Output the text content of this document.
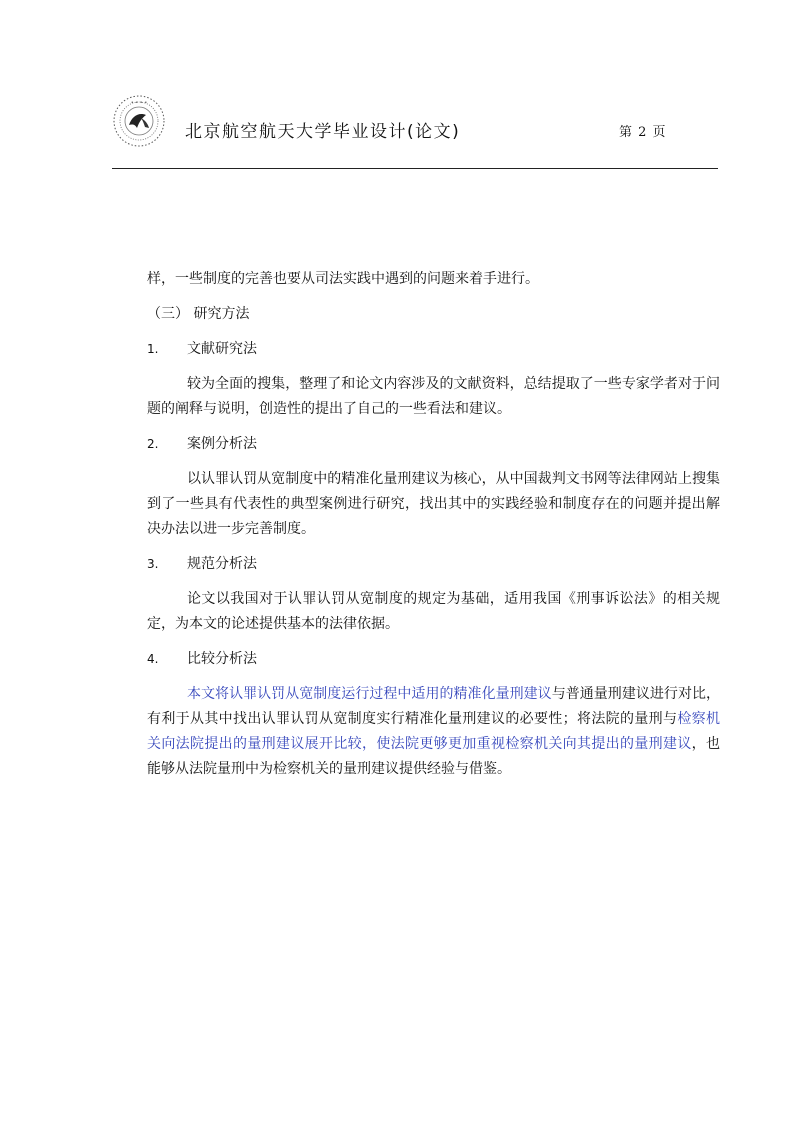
• • • •
北京航空航天大学毕业设计(论文)	第 2 页

样，一些制度的完善也要从司法实践中遇到的问题来着手进行。

（三） 研究方法

1.	文献研究法

较为全面的搜集，整理了和论文内容涉及的文献资料，总结提取了一些专家学者对于问题的阐释与说明，创造性的提出了自己的一些看法和建议。

2.	案例分析法

以认罪认罚从宽制度中的精准化量刑建议为核心，从中国裁判文书网等法律网站上搜集到了一些具有代表性的典型案例进行研究，找出其中的实践经验和制度存在的问题并提出解决办法以进一步完善制度。

3.	规范分析法

论文以我国对于认罪认罚从宽制度的规定为基础，适用我国《刑事诉讼法》的相关规定，为本文的论述提供基本的法律依据。

4.	比较分析法

本文将认罪认罚从宽制度运行过程中适用的精准化量刑建议与普通量刑建议进行对比，有利于从其中找出认罪认罚从宽制度实行精准化量刑建议的必要性；将法院的量刑与检察机关向法院提出的量刑建议展开比较，使法院更够更加重视检察机关向其提出的量刑建议，也能够从法院量刑中为检察机关的量刑建议提供经验与借鉴。
